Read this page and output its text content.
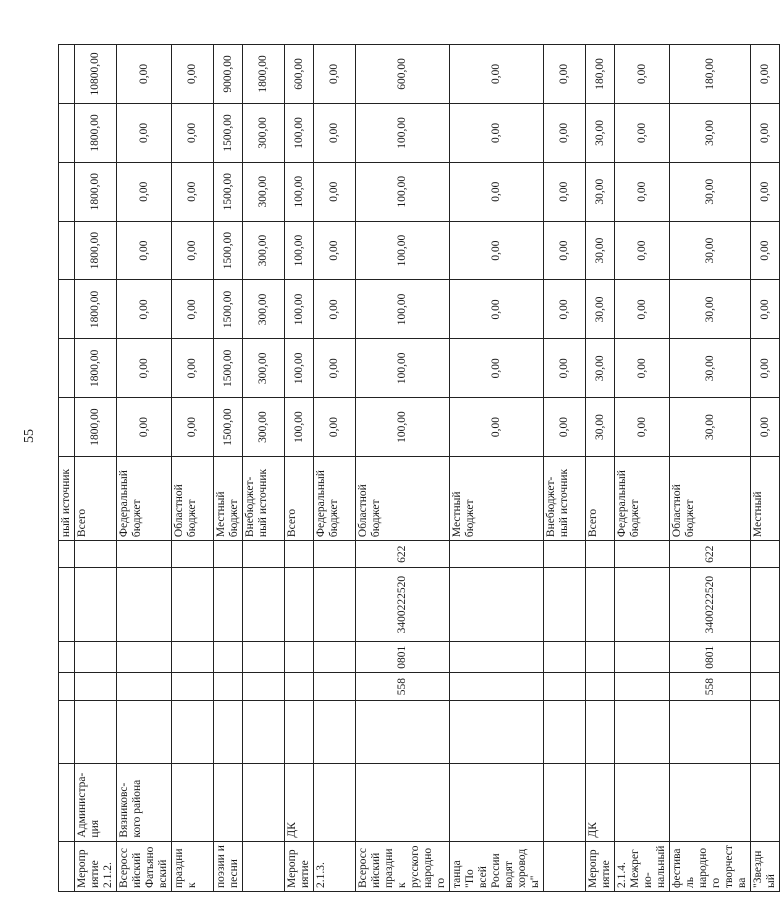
55
							ный источник							
Мероприятие 2.1.2.	Администра-ция						Всего	1800,00	1800,00	1800,00	1800,00	1800,00	1800,00	10800,00
Всероссийский Фатьяновский	Вязниковс-кого района						Федеральный бюджет	0,00	0,00	0,00	0,00	0,00	0,00	0,00
праздник							Областной бюджет	0,00	0,00	0,00	0,00	0,00	0,00	0,00
поэзии и песни							Местный бюджет	1500,00	1500,00	1500,00	1500,00	1500,00	1500,00	9000,00
							Внебюджет-ный источник	300,00	300,00	300,00	300,00	300,00	300,00	1800,00
Мероприятие	ДК						Всего	100,00	100,00	100,00	100,00	100,00	100,00	600,00
2.1.3.							Федеральный бюджет	0,00	0,00	0,00	0,00	0,00	0,00	0,00
Всероссийский праздник русского народного			558	0801	3400222520	622	Областной бюджет	100,00	100,00	100,00	100,00	100,00	100,00	600,00
танца "По всей России водят хороводы"							Местный бюджет	0,00	0,00	0,00	0,00	0,00	0,00	0,00
							Внебюджет-ный источник	0,00	0,00	0,00	0,00	0,00	0,00	0,00
Мероприятие	ДК						Всего	30,00	30,00	30,00	30,00	30,00	30,00	180,00
2.1.4. Межрегио-нальный							Федеральный бюджет	0,00	0,00	0,00	0,00	0,00	0,00	0,00
фестиваль народного творчества			558	0801	3400222520	622	Областной бюджет	30,00	30,00	30,00	30,00	30,00	30,00	180,00
"Звездный							Местный	0,00	0,00	0,00	0,00	0,00	0,00	0,00
